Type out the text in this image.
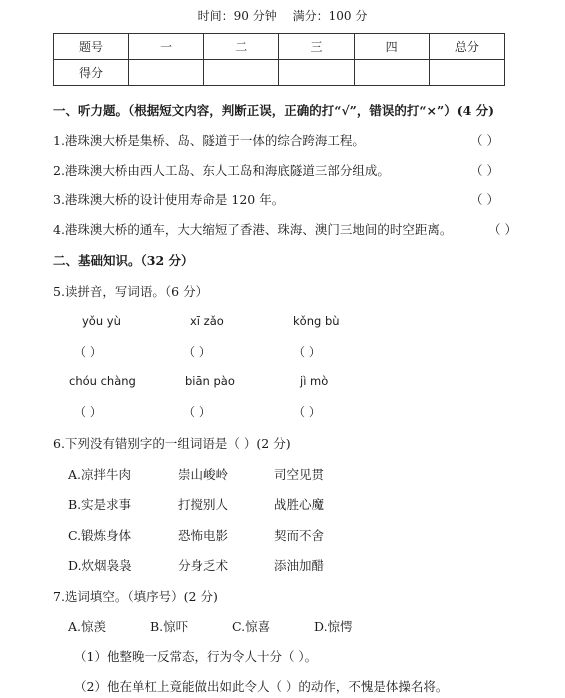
时间：90 分钟 满分：100 分
题号	一	二	三	四	总分
得分					
一、听力题。（根据短文内容，判断正误，正确的打“√”，错误的打“×”）(4 分)
1.港珠澳大桥是集桥、岛、隧道于一体的综合跨海工程。	（ ）
2.港珠澳大桥由西人工岛、东人工岛和海底隧道三部分组成。	（ ）
3.港珠澳大桥的设计使用寿命是 120 年。	（ ）
4.港珠澳大桥的通车，大大缩短了香港、珠海、澳门三地间的时空距离。	（ ）
二、基础知识。（32 分）
5.读拼音，写词语。（6 分）
yǒu yù	xī zǎo	kǒng bù
（ ）	（ ）	（ ）
chóu chàng	biān pào	jì mò
（ ）	（ ）	（ ）
6.下列没有错别字的一组词语是（ ）(2 分)
A.凉拌牛肉	崇山峻岭	司空见贯
B.实是求事	打搅别人	战胜心魔
C.锻炼身体	恐怖电影	契而不舍
D.炊烟袅袅	分身乏术	添油加醋
7.选词填空。（填序号）(2 分)
A.惊羡	B.惊吓	C.惊喜	D.惊愕
（1）他整晚一反常态，行为令人十分（ ）。
（2）他在单杠上竟能做出如此令人（ ）的动作，不愧是体操名将。
